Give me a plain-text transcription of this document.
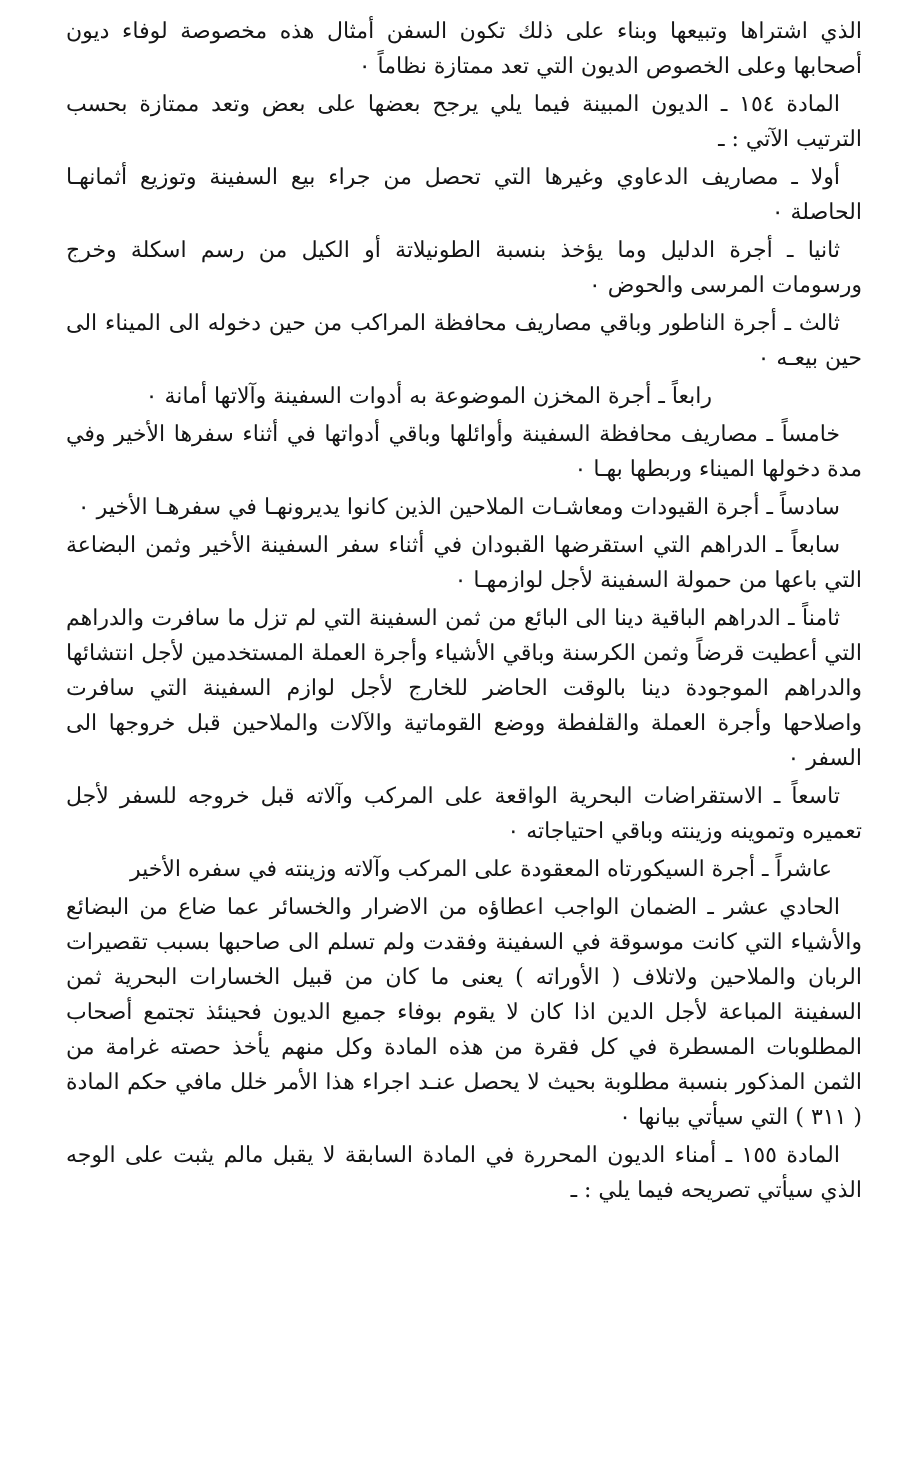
الذي اشتراها وتبيعها وبناء على ذلك تكون السفن أمثال هذه مخصوصة لوفاء ديون أصحابها وعلى الخصوص الديون التي تعد ممتازة نظاماً ٠

المادة ١٥٤ ـ الديون المبينة فيما يلي يرجح بعضها على بعض وتعد ممتازة بحسب الترتيب الآتي : ـ

أولا ـ مصاريف الدعاوي وغيرها التي تحصل من جراء بيع السفينة وتوزيع أثمانهـا الحاصلة ٠

ثانيا ـ أجرة الدليل وما يؤخذ بنسبة الطونيلاتة أو الكيل من رسم اسكلة وخرج ورسومات المرسى والحوض ٠

ثالث ـ أجرة الناطور وباقي مصاريف محافظة المراكب من حين دخوله الى الميناء الى حين بيعـه ٠

رابعاً ـ أجرة المخزن الموضوعة به أدوات السفينة وآلاتها أمانة ٠

خامساً ـ مصاريف محافظة السفينة وأوائلها وباقي أدواتها في أثناء سفرها الأخير وفي مدة دخولها الميناء وربطها بهـا ٠

سادساً ـ أجرة القيودات ومعاشـات الملاحين الذين كانوا يديرونهـا في سفرهـا الأخير ٠

سابعاً ـ الدراهم التي استقرضها القبودان في أثناء سفر السفينة الأخير وثمن البضاعة التي باعها من حمولة السفينة لأجل لوازمهـا ٠

ثامناً ـ الدراهم الباقية دينا الى البائع من ثمن السفينة التي لم تزل ما سافرت والدراهم التي أعطيت قرضاً وثمن الكرسنة وباقي الأشياء وأجرة العملة المستخدمين لأجل انتشائها والدراهم الموجودة دينا بالوقت الحاضر للخارج لأجل لوازم السفينة التي سافرت واصلاحها وأجرة العملة والقلفطة ووضع القوماتية والآلات والملاحين قبل خروجها الى السفر ٠

تاسعاً ـ الاستقراضات البحرية الواقعة على المركب وآلاته قبل خروجه للسفر لأجل تعميره وتموينه وزينته وباقي احتياجاته ٠

عاشراً ـ أجرة السيكورتاه المعقودة على المركب وآلاته وزينته في سفره الأخير

الحادي عشر ـ الضمان الواجب اعطاؤه من الاضرار والخسائر عما ضاع من البضائع والأشياء التي كانت موسوقة في السفينة وفقدت ولم تسلم الى صاحبها بسبب تقصيرات الربان والملاحين ولاتلاف ( الأوراته ) يعنى ما كان من قبيل الخسارات البحرية ثمن السفينة المباعة لأجل الدين اذا كان لا يقوم بوفاء جميع الديون فحينئذ تجتمع أصحاب المطلوبات المسطرة في كل فقرة من هذه المادة وكل منهم يأخذ حصته غرامة من الثمن المذكور بنسبة مطلوبة بحيث لا يحصل عنـد اجراء هذا الأمر خلل مافي حكم المادة ( ٣١١ ) التي سيأتي بيانها ٠

المادة ١٥٥ ـ أمناء الديون المحررة في المادة السابقة لا يقبل مالم يثبت على الوجه الذي سيأتي تصريحه فيما يلي : ـ
